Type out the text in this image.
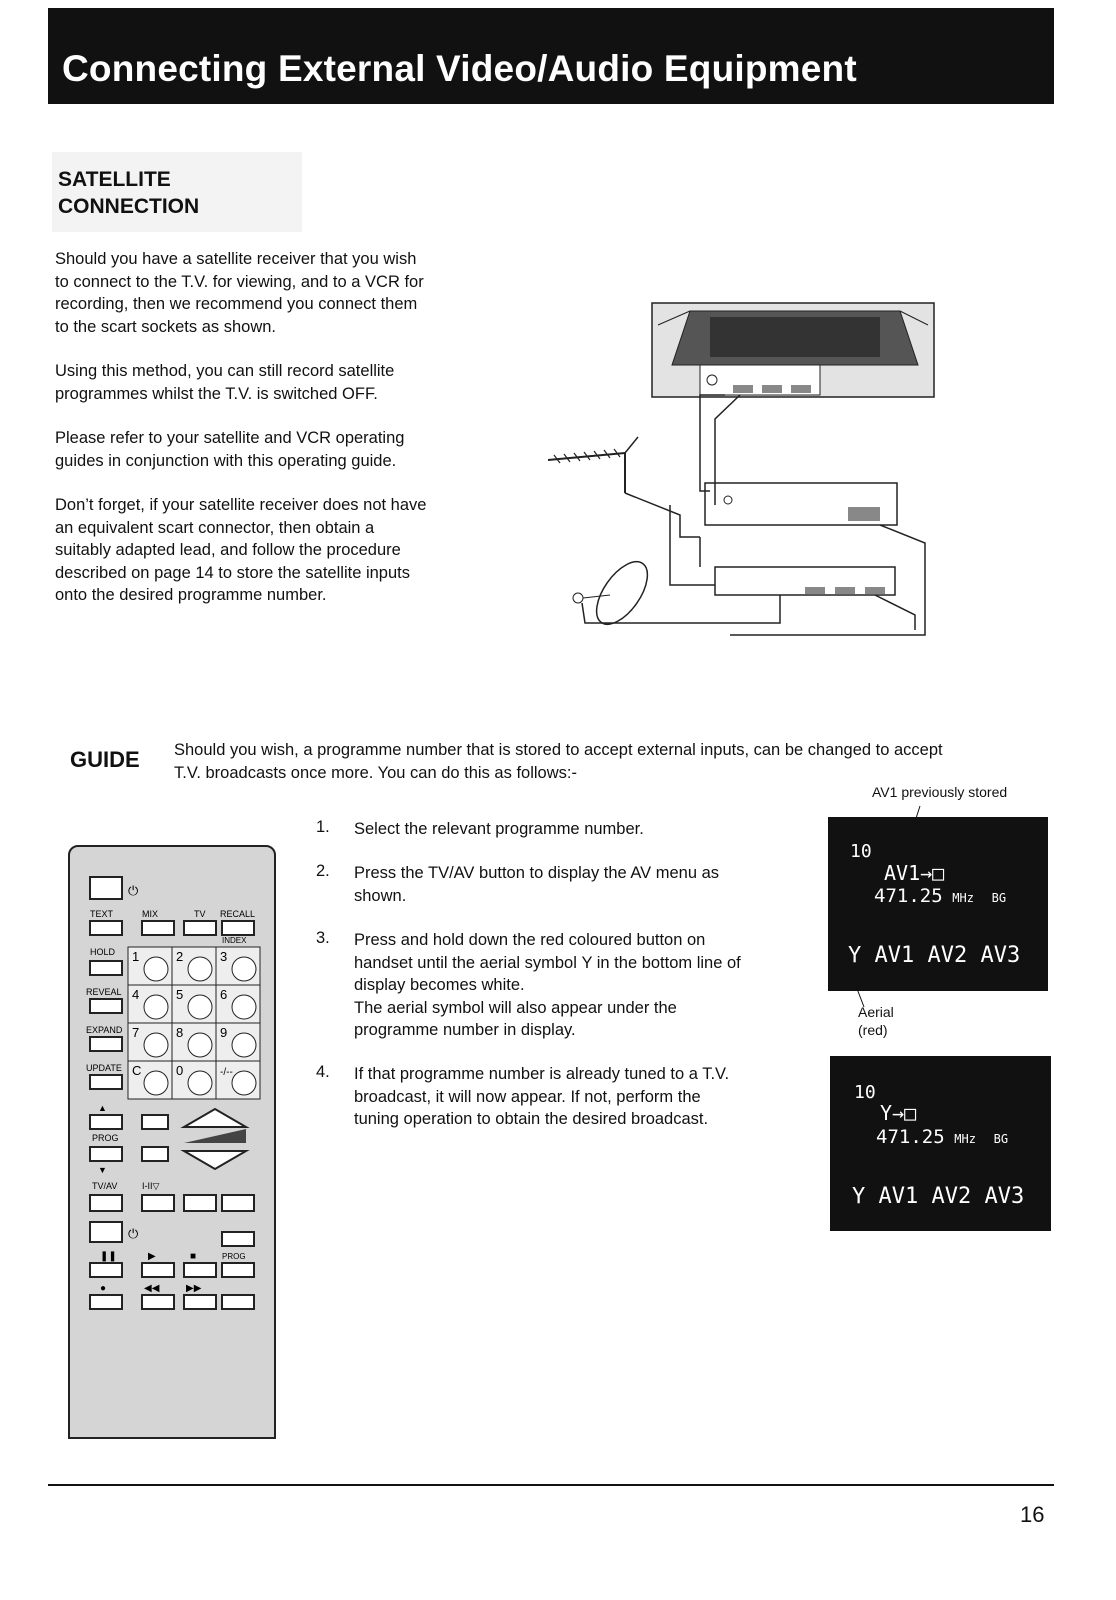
Connecting External Video/Audio Equipment
SATELLITE
CONNECTION
Should you have a satellite receiver that you wish
to connect to the T.V. for viewing, and to a VCR for
recording, then we recommend you connect them
to the scart sockets as shown.
Using this method, you can still record satellite
programmes whilst the T.V. is switched OFF.
Please refer to your satellite and VCR operating
guides in conjunction with this operating guide.
Don’t forget, if your satellite receiver does not have
an equivalent scart connector, then obtain a
suitably adapted lead, and follow the procedure
described on page 14 to store the satellite inputs
onto the desired programme number.
GUIDE Should you wish, a programme number that is stored to accept external inputs, can be changed to accept
T.V. broadcasts once more. You can do this as follows:-
1. Select the relevant programme number.
2. Press the TV/AV button to display the AV menu as
shown.
3. Press and hold down the red coloured button on
handset until the aerial symbol Υ in the bottom line of
display becomes white.
The aerial symbol will also appear under the
programme number in display.
4. If that programme number is already tuned to a T.V.
broadcast, it will now appear. If not, perform the
tuning operation to obtain the desired broadcast.
AV1 previously stored
10
AV1→□
471.25 MHz BG
Υ AV1 AV2 AV3
Aerial
(red)
10
Υ→□
471.25 MHz BG
Υ AV1 AV2 AV3
⏻
TEXT	MIX	TV RECALL
INDEX
HOLD
REVEAL
EXPAND
UPDATE
1	2	3
4	5	6
7	8	9
C	0	-/--
▲
PROG
▼
TV/AV	I-II▽
⏻
PROG
❚❚	▶	■
●	◀◀	▶▶
16
